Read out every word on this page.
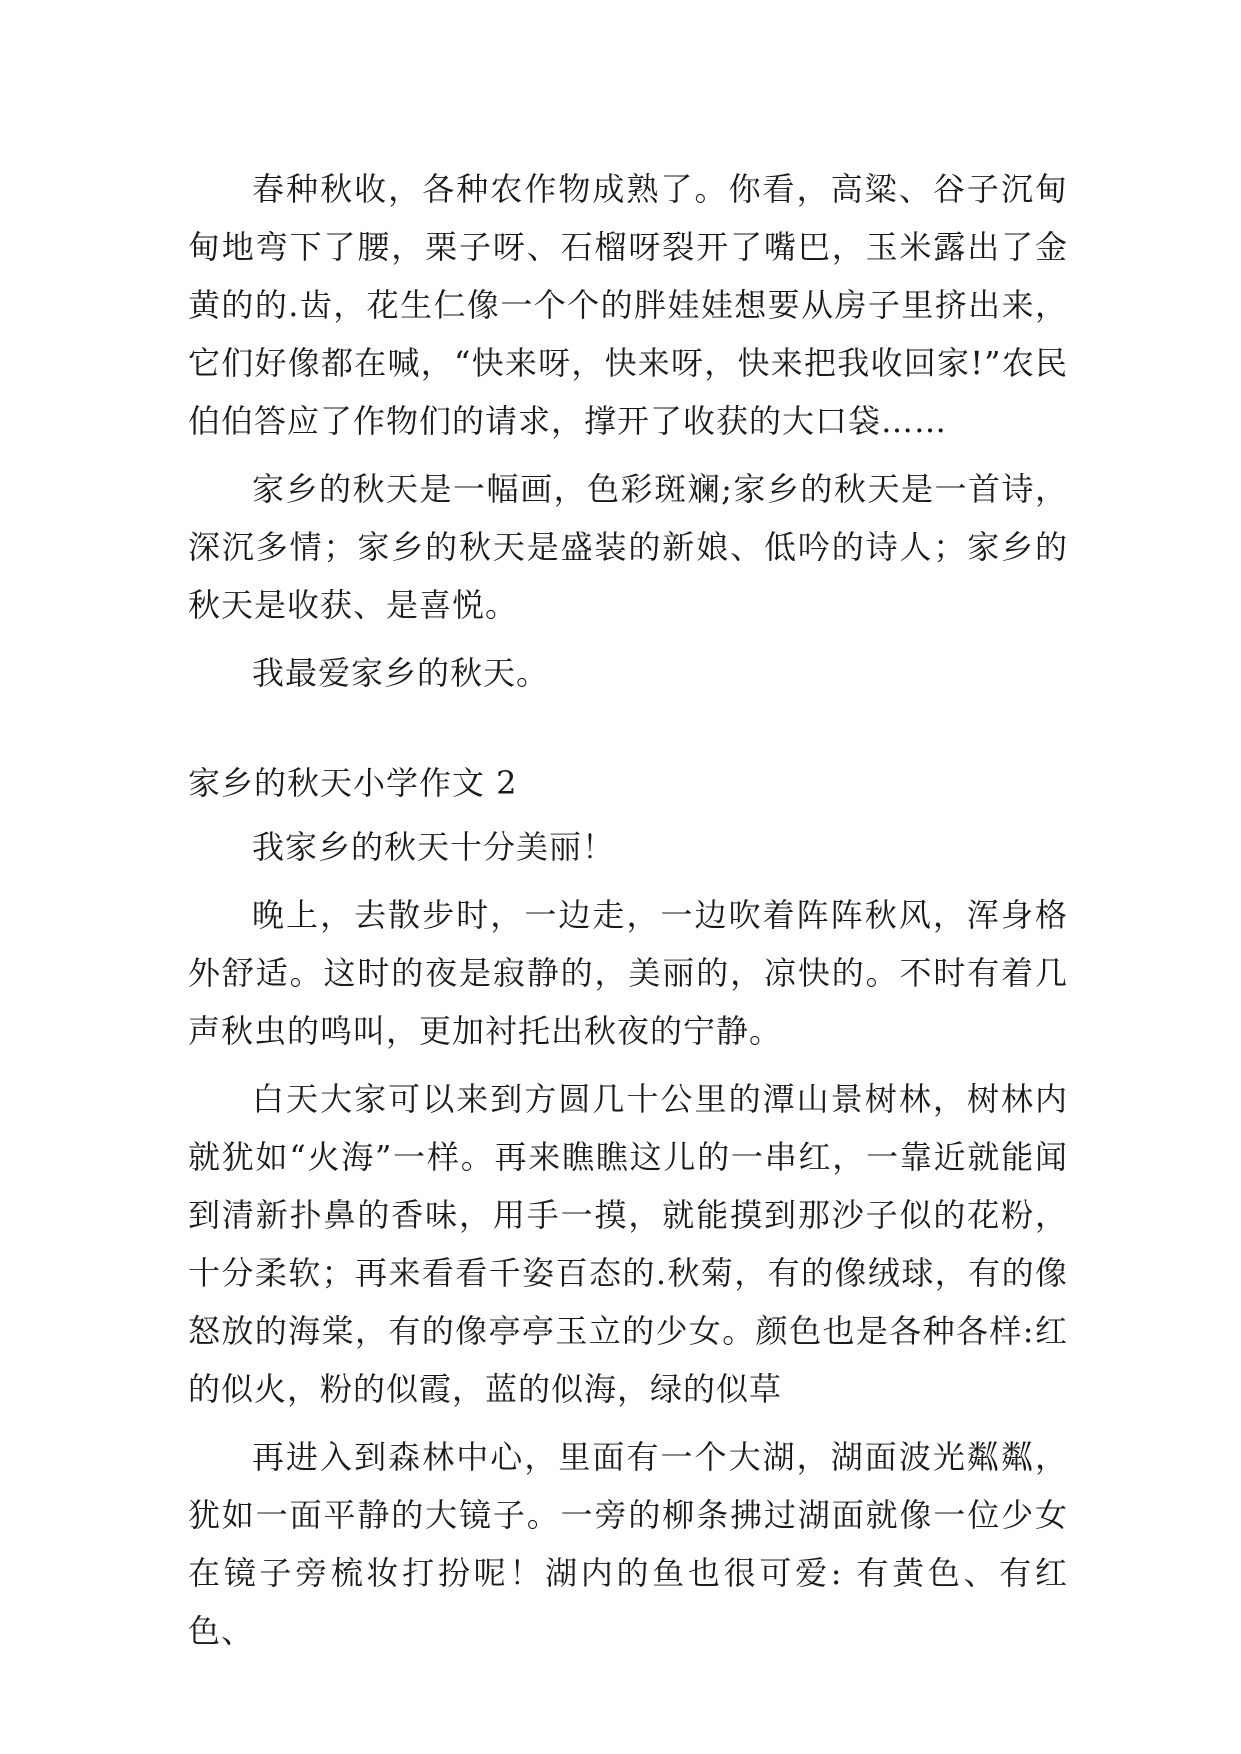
春种秋收，各种农作物成熟了。你看，高粱、谷子沉甸甸地弯下了腰，栗子呀、石榴呀裂开了嘴巴，玉米露出了金黄的的.齿，花生仁像一个个的胖娃娃想要从房子里挤出来，它们好像都在喊，“快来呀，快来呀，快来把我收回家!”农民伯伯答应了作物们的请求，撑开了收获的大口袋……

家乡的秋天是一幅画，色彩斑斓;家乡的秋天是一首诗，深沉多情；家乡的秋天是盛装的新娘、低吟的诗人；家乡的秋天是收获、是喜悦。

我最爱家乡的秋天。

家乡的秋天小学作文 2

我家乡的秋天十分美丽！

晚上，去散步时，一边走，一边吹着阵阵秋风，浑身格外舒适。这时的夜是寂静的，美丽的，凉快的。不时有着几声秋虫的鸣叫，更加衬托出秋夜的宁静。

白天大家可以来到方圆几十公里的潭山景树林，树林内就犹如“火海”一样。再来瞧瞧这儿的一串红，一靠近就能闻到清新扑鼻的香味，用手一摸，就能摸到那沙子似的花粉，十分柔软；再来看看千姿百态的.秋菊，有的像绒球，有的像怒放的海棠，有的像亭亭玉立的少女。颜色也是各种各样:红的似火，粉的似霞，蓝的似海，绿的似草

再进入到森林中心，里面有一个大湖，湖面波光粼粼，犹如一面平静的大镜子。一旁的柳条拂过湖面就像一位少女在镜子旁梳妆打扮呢！湖内的鱼也很可爱: 有黄色、有红色、
